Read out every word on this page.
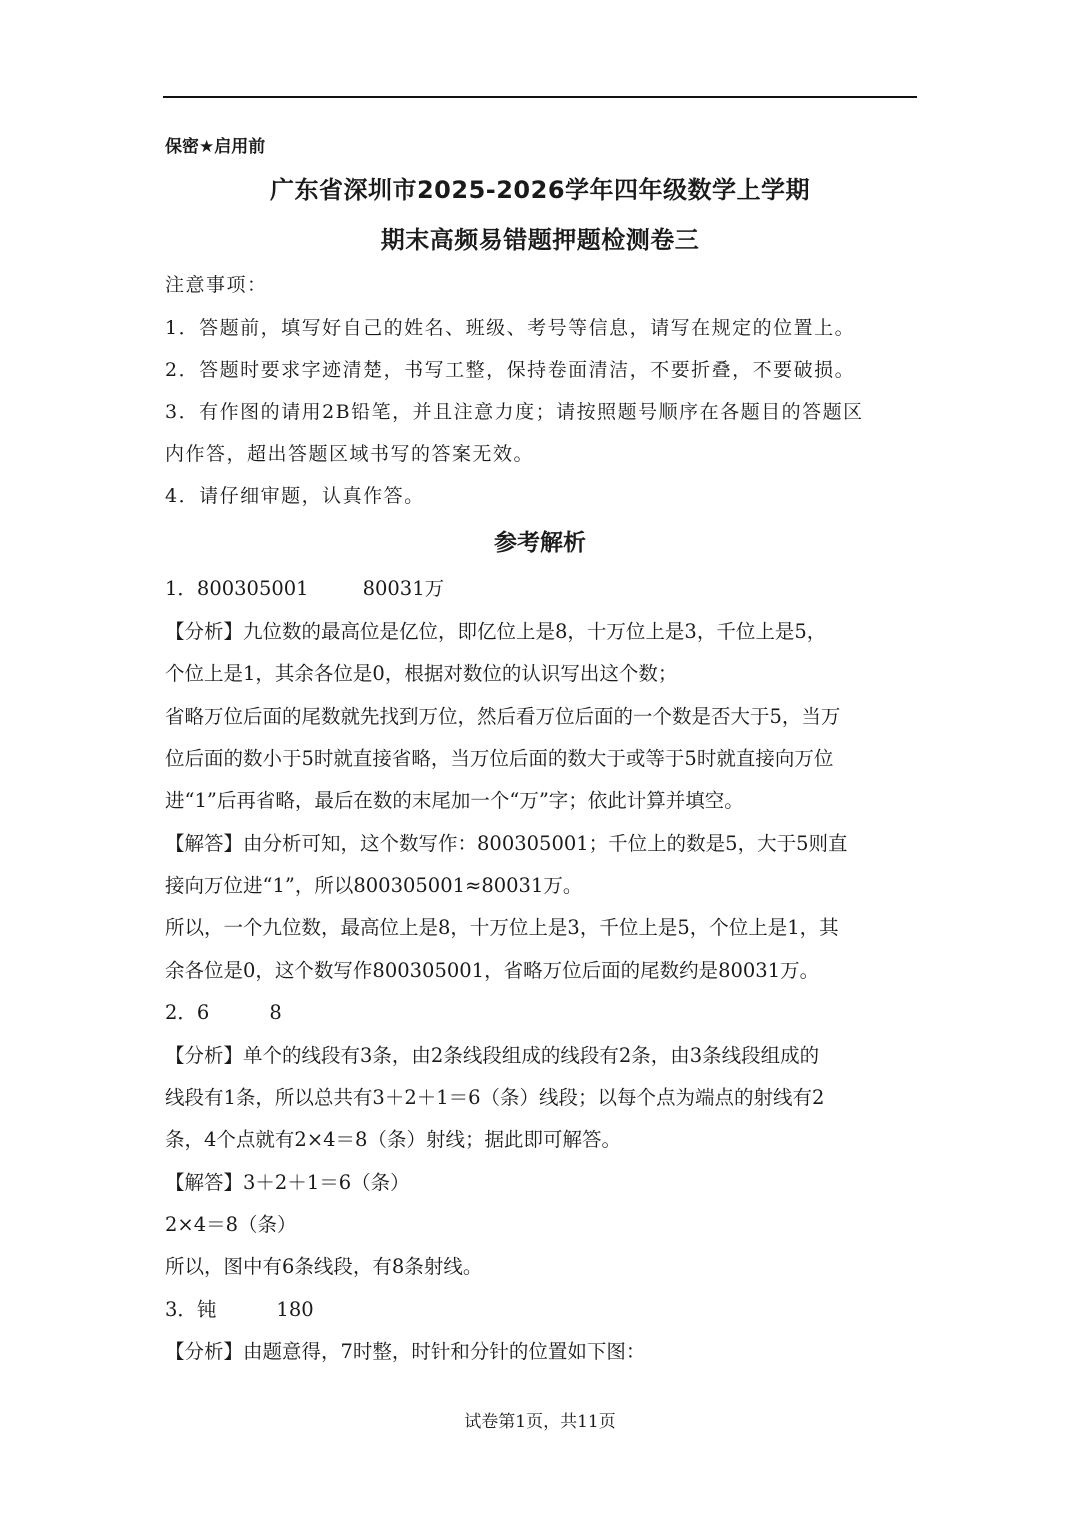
保密★启用前
广东省深圳市2025-2026学年四年级数学上学期
期末高频易错题押题检测卷三
注意事项：
1．答题前，填写好自己的姓名、班级、考号等信息，请写在规定的位置上。
2．答题时要求字迹清楚，书写工整，保持卷面清洁，不要折叠，不要破损。
3．有作图的请用2B铅笔，并且注意力度；请按照题号顺序在各题目的答题区
内作答，超出答题区域书写的答案无效。
4．请仔细审题，认真作答。
参考解析
1．800305001	80031万
【分析】九位数的最高位是亿位，即亿位上是8，十万位上是3，千位上是5，
个位上是1，其余各位是0，根据对数位的认识写出这个数；
省略万位后面的尾数就先找到万位，然后看万位后面的一个数是否大于5，当万
位后面的数小于5时就直接省略，当万位后面的数大于或等于5时就直接向万位
进“1”后再省略，最后在数的末尾加一个“万”字；依此计算并填空。
【解答】由分析可知，这个数写作：800305001；千位上的数是5，大于5则直
接向万位进“1”，所以800305001≈80031万。
所以，一个九位数，最高位上是8，十万位上是3，千位上是5，个位上是1，其
余各位是0，这个数写作800305001，省略万位后面的尾数约是80031万。
2．6	8
【分析】单个的线段有3条，由2条线段组成的线段有2条，由3条线段组成的
线段有1条，所以总共有3＋2＋1＝6（条）线段；以每个点为端点的射线有2
条，4个点就有2×4＝8（条）射线；据此即可解答。
【解答】3＋2＋1＝6（条）
2×4＝8（条）
所以，图中有6条线段，有8条射线。
3．钝	180
【分析】由题意得，7时整，时针和分针的位置如下图：
试卷第1页，共11页
